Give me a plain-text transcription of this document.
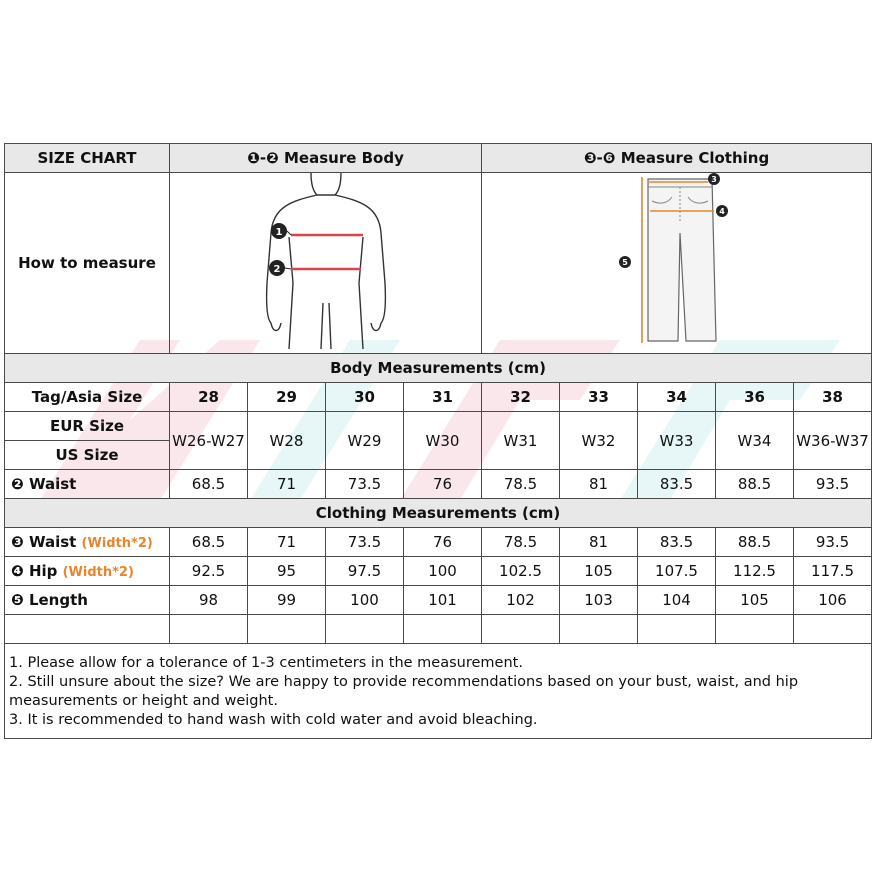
SIZE CHART	❶-❷ Measure Body				❸-❻ Measure Clothing				
How to measure	1
2				3
4
5				

Body Measurements (cm)									
Tag/Asia Size	28	29	30	31	32	33	34	36	38
EUR Size	W26-W27	W28	W29	W30	W31	W32	W33	W34	W36-W37
US Size									
❷ Waist	68.5	71	73.5	76	78.5	81	83.5	88.5	93.5
Clothing Measurements (cm)									
❸ Waist (Width*2)	68.5	71	73.5	76	78.5	81	83.5	88.5	93.5
❹ Hip (Width*2)	92.5	95	97.5	100	102.5	105	107.5	112.5	117.5
❺ Length	98	99	100	101	102	103	104	105	106

1. Please allow for a tolerance of 1-3 centimeters in the measurement.
2. Still unsure about the size? We are happy to provide recommendations based on your bust, waist, and hip measurements or height and weight.
3. It is recommended to hand wash with cold water and avoid bleaching.									
